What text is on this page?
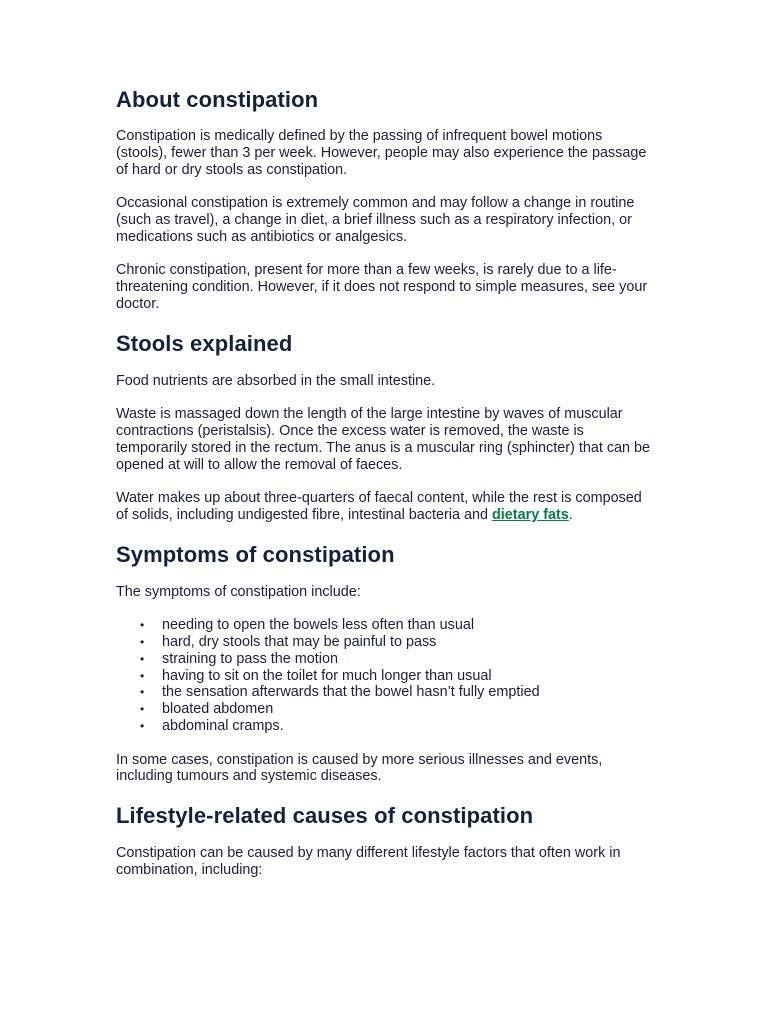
About constipation

Constipation is medically defined by the passing of infrequent bowel motions (stools), fewer than 3 per week. However, people may also experience the passage of hard or dry stools as constipation.

Occasional constipation is extremely common and may follow a change in routine (such as travel), a change in diet, a brief illness such as a respiratory infection, or medications such as antibiotics or analgesics.

Chronic constipation, present for more than a few weeks, is rarely due to a life-threatening condition. However, if it does not respond to simple measures, see your doctor.

Stools explained

Food nutrients are absorbed in the small intestine.

Waste is massaged down the length of the large intestine by waves of muscular contractions (peristalsis). Once the excess water is removed, the waste is temporarily stored in the rectum. The anus is a muscular ring (sphincter) that can be opened at will to allow the removal of faeces.

Water makes up about three-quarters of faecal content, while the rest is composed of solids, including undigested fibre, intestinal bacteria and dietary fats.

Symptoms of constipation

The symptoms of constipation include:

• needing to open the bowels less often than usual
• hard, dry stools that may be painful to pass
• straining to pass the motion
• having to sit on the toilet for much longer than usual
• the sensation afterwards that the bowel hasn’t fully emptied
• bloated abdomen
• abdominal cramps.

In some cases, constipation is caused by more serious illnesses and events, including tumours and systemic diseases.

Lifestyle-related causes of constipation

Constipation can be caused by many different lifestyle factors that often work in combination, including:
